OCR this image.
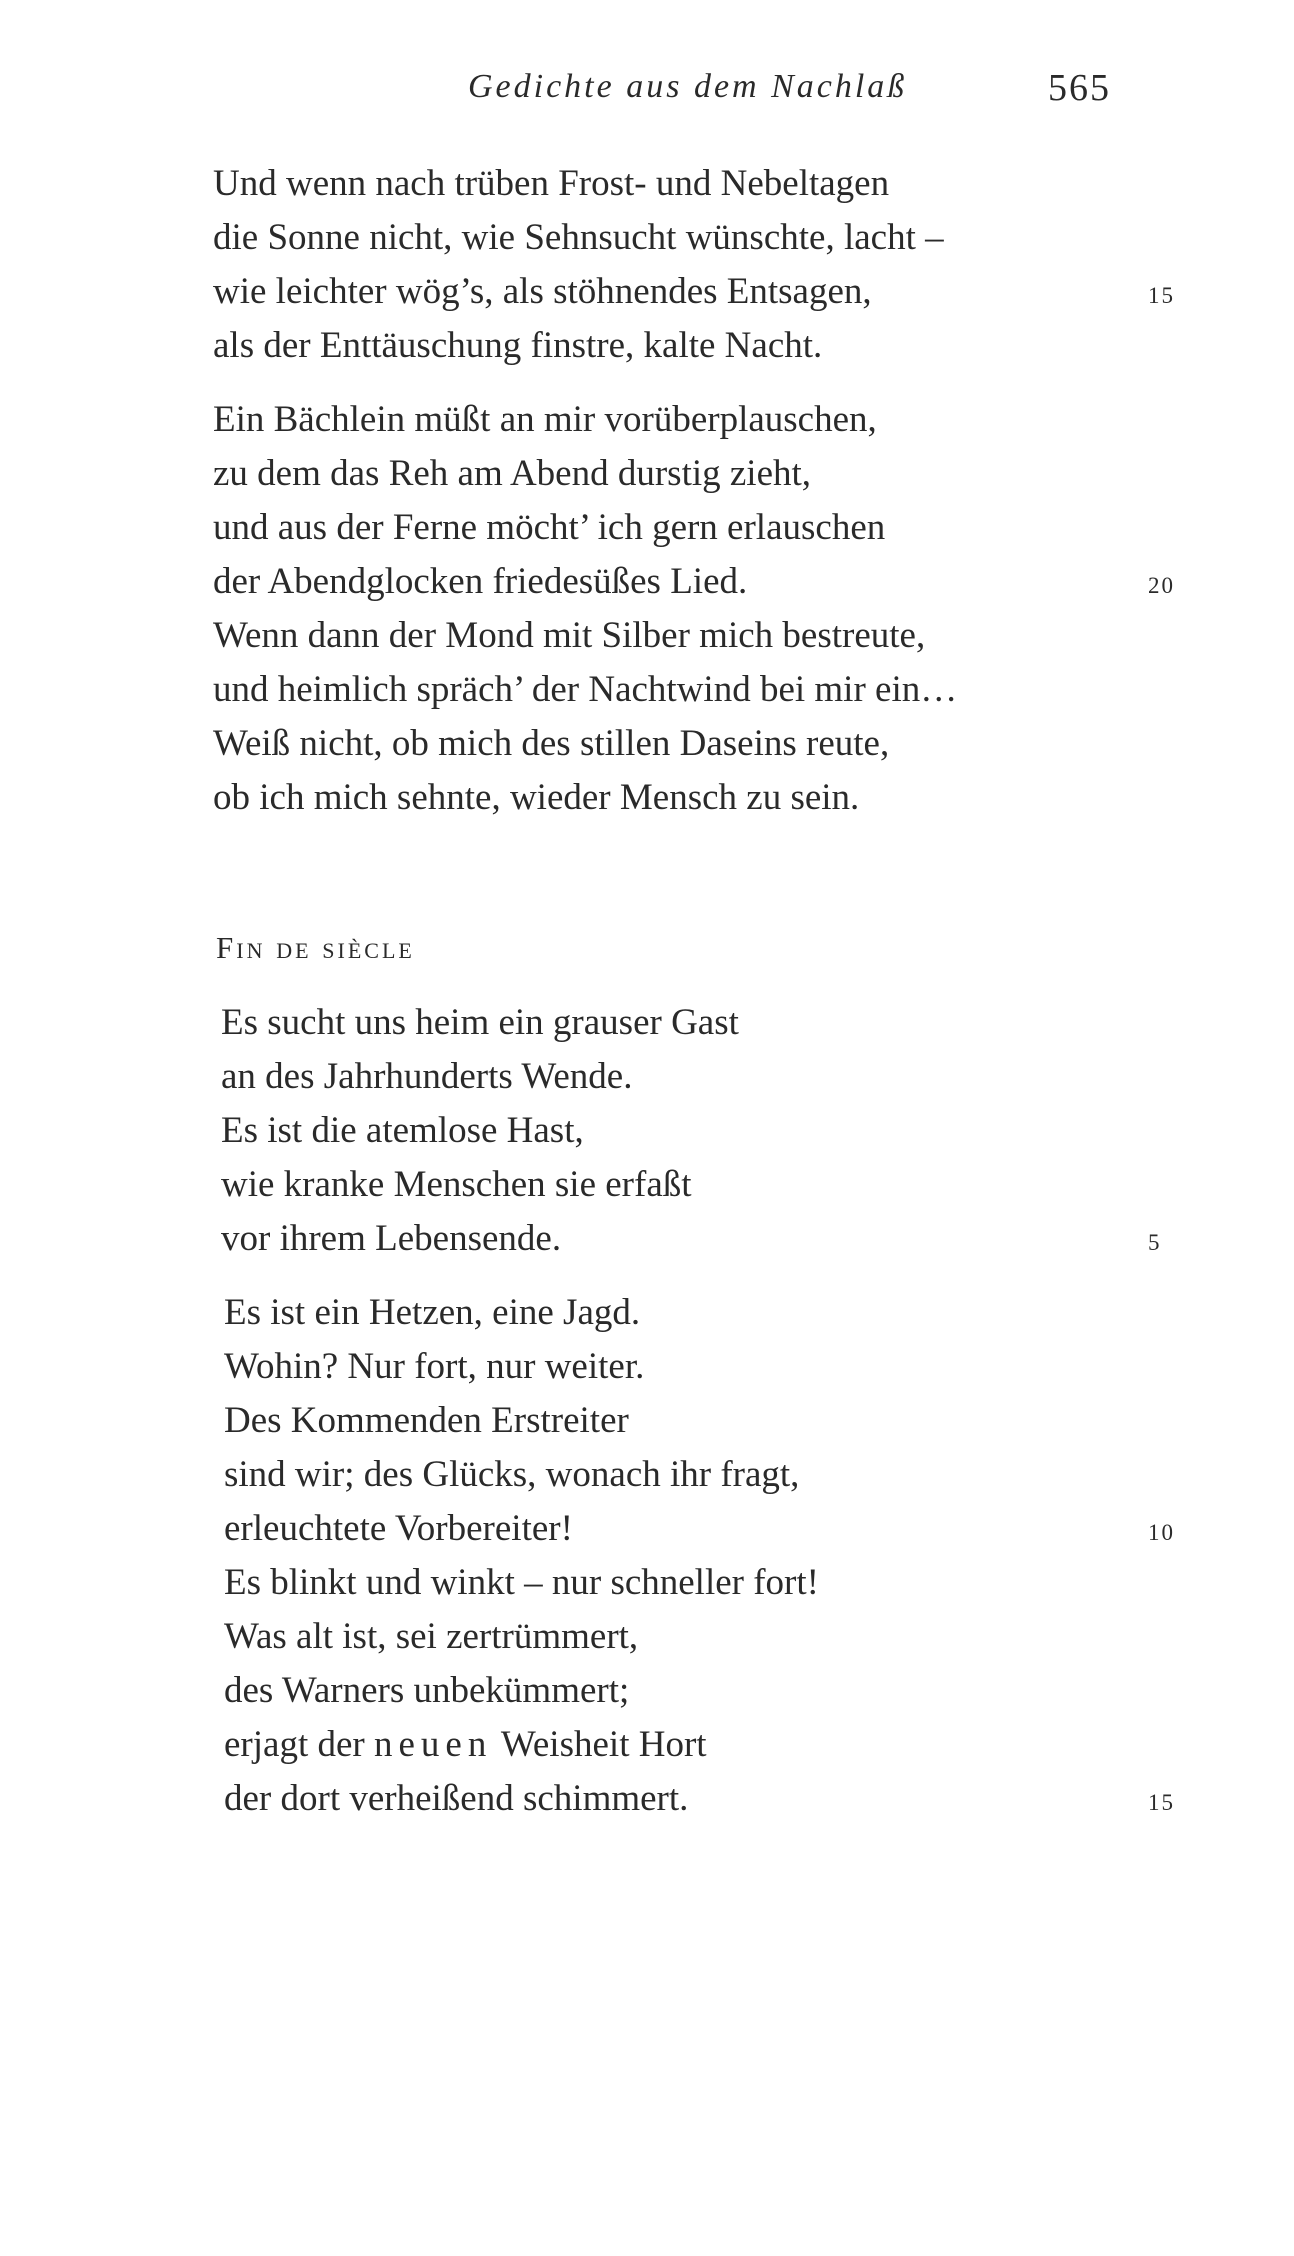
Gedichte aus dem Nachlaß	565
Und wenn nach trüben Frost- und Nebeltagen
die Sonne nicht, wie Sehnsucht wünschte, lacht –
wie leichter wög’s, als stöhnendes Entsagen,	15
als der Enttäuschung finstre, kalte Nacht.
Ein Bächlein müßt an mir vorüberplauschen,
zu dem das Reh am Abend durstig zieht,
und aus der Ferne möcht’ ich gern erlauschen
der Abendglocken friedesüßes Lied.	20
Wenn dann der Mond mit Silber mich bestreute,
und heimlich spräch’ der Nachtwind bei mir ein…
Weiß nicht, ob mich des stillen Daseins reute,
ob ich mich sehnte, wieder Mensch zu sein.
Fin de siècle
Es sucht uns heim ein grauser Gast
an des Jahrhunderts Wende.
Es ist die atemlose Hast,
wie kranke Menschen sie erfaßt
vor ihrem Lebensende.	5
Es ist ein Hetzen, eine Jagd.
Wohin? Nur fort, nur weiter.
Des Kommenden Erstreiter
sind wir; des Glücks, wonach ihr fragt,
erleuchtete Vorbereiter!	10
Es blinkt und winkt – nur schneller fort!
Was alt ist, sei zertrümmert,
des Warners unbekümmert;
erjagt der neuen Weisheit Hort
der dort verheißend schimmert.	15
